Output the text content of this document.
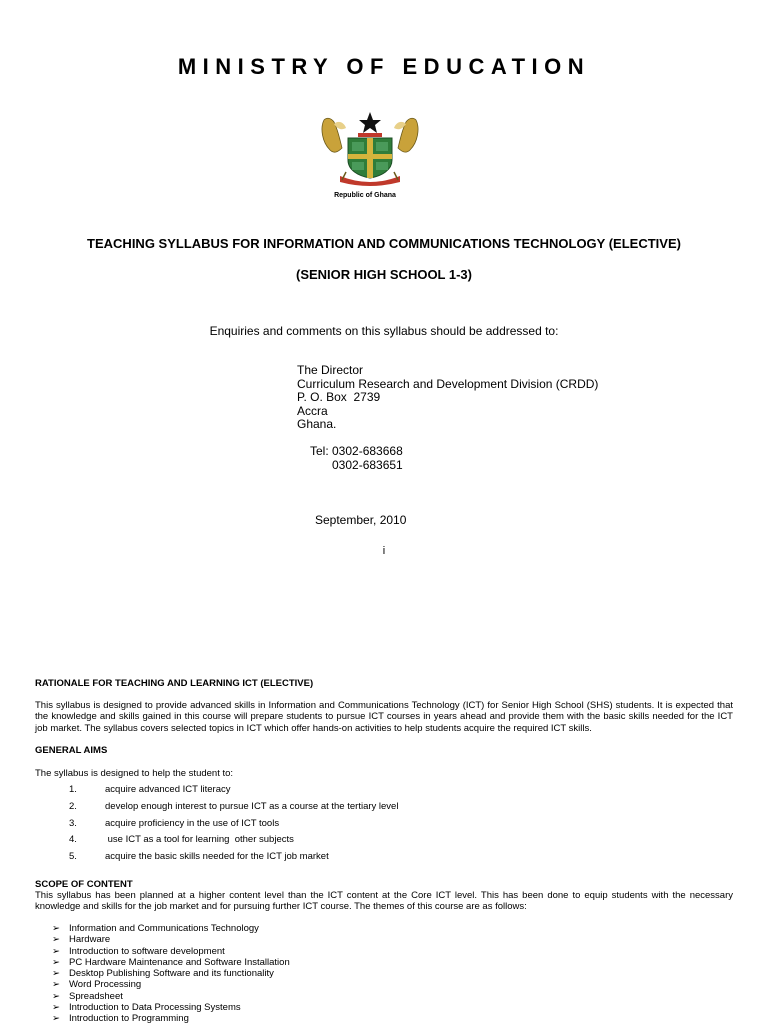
MINISTRY OF EDUCATION
Republic of Ghana
TEACHING SYLLABUS FOR INFORMATION AND COMMUNICATIONS TECHNOLOGY (ELECTIVE)
(SENIOR HIGH SCHOOL 1-3)
Enquiries and comments on this syllabus should be addressed to:
The Director
Curriculum Research and Development Division (CRDD)
P. O. Box  2739
Accra
Ghana.
Tel: 0302-683668
0302-683651
September, 2010
i
RATIONALE FOR TEACHING AND LEARNING ICT (ELECTIVE)
This syllabus is designed to provide advanced skills in Information and Communications Technology (ICT) for Senior High School (SHS) students. It is expected that the knowledge and skills gained in this course will prepare students to pursue ICT courses in years ahead and provide them with the basic skills needed for the ICT job market. The syllabus covers selected topics in ICT which offer hands-on activities to help students acquire the required ICT skills.
GENERAL AIMS
The syllabus is designed to help the student to:
1.	acquire advanced ICT literacy
2.	develop enough interest to pursue ICT as a course at the tertiary level
3.	acquire proficiency in the use of ICT tools
4.	use ICT as a tool for learning  other subjects
5.	acquire the basic skills needed for the ICT job market
SCOPE OF CONTENT
This syllabus has been planned at a higher content level than the ICT content at the Core ICT level. This has been done to equip students with the necessary knowledge and skills for the job market and for pursuing further ICT course. The themes of this course are as follows:
➢ Information and Communications Technology
➢ Hardware
➢ Introduction to software development
➢ PC Hardware Maintenance and Software Installation
➢ Desktop Publishing Software and its functionality
➢ Word Processing
➢ Spreadsheet
➢ Introduction to Data Processing Systems
➢ Introduction to Programming
